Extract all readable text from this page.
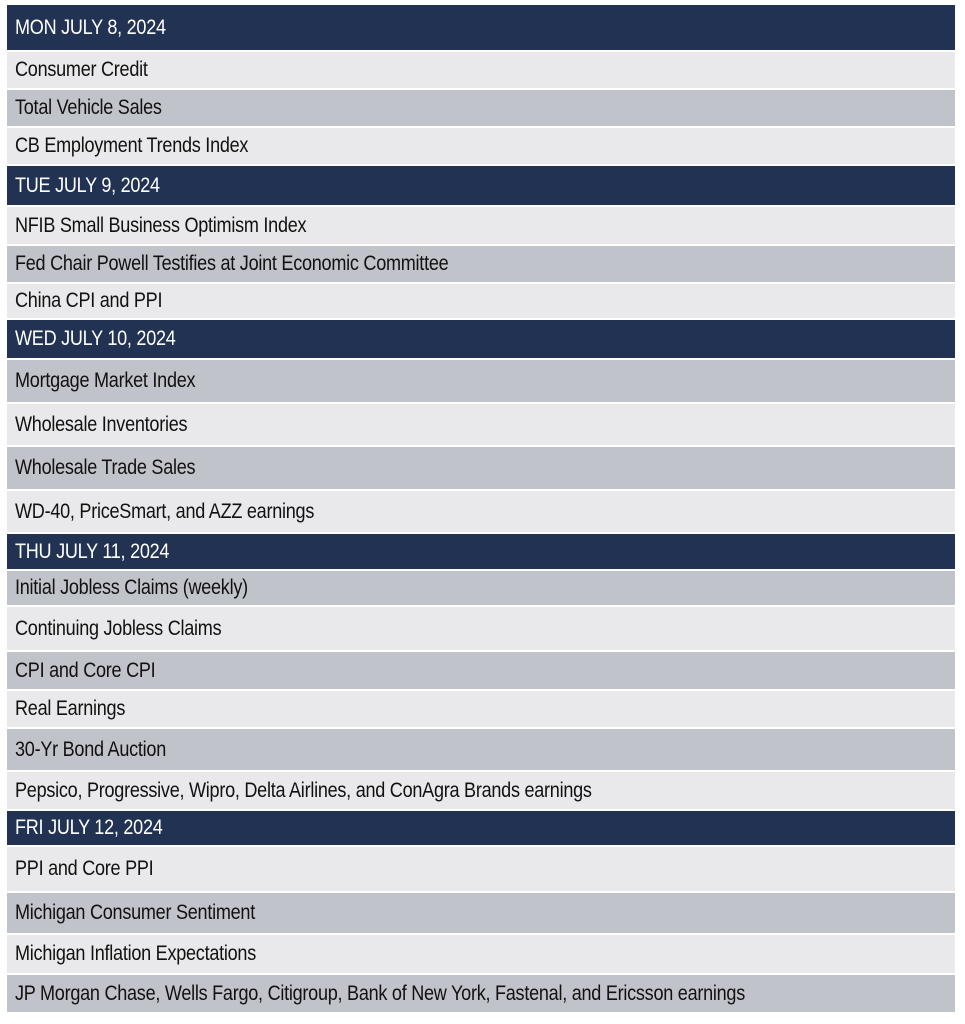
MON JULY 8, 2024
Consumer Credit
Total Vehicle Sales
CB Employment Trends Index
TUE JULY 9, 2024
NFIB Small Business Optimism Index
Fed Chair Powell Testifies at Joint Economic Committee
China CPI and PPI
WED JULY 10, 2024
Mortgage Market Index
Wholesale Inventories
Wholesale Trade Sales
WD-40, PriceSmart, and AZZ earnings
THU JULY 11, 2024
Initial Jobless Claims (weekly)
Continuing Jobless Claims
CPI and Core CPI
Real Earnings
30-Yr Bond Auction
Pepsico, Progressive, Wipro, Delta Airlines, and ConAgra Brands earnings
FRI JULY 12, 2024
PPI and Core PPI
Michigan Consumer Sentiment
Michigan Inflation Expectations
JP Morgan Chase, Wells Fargo, Citigroup, Bank of New York, Fastenal, and Ericsson earnings
